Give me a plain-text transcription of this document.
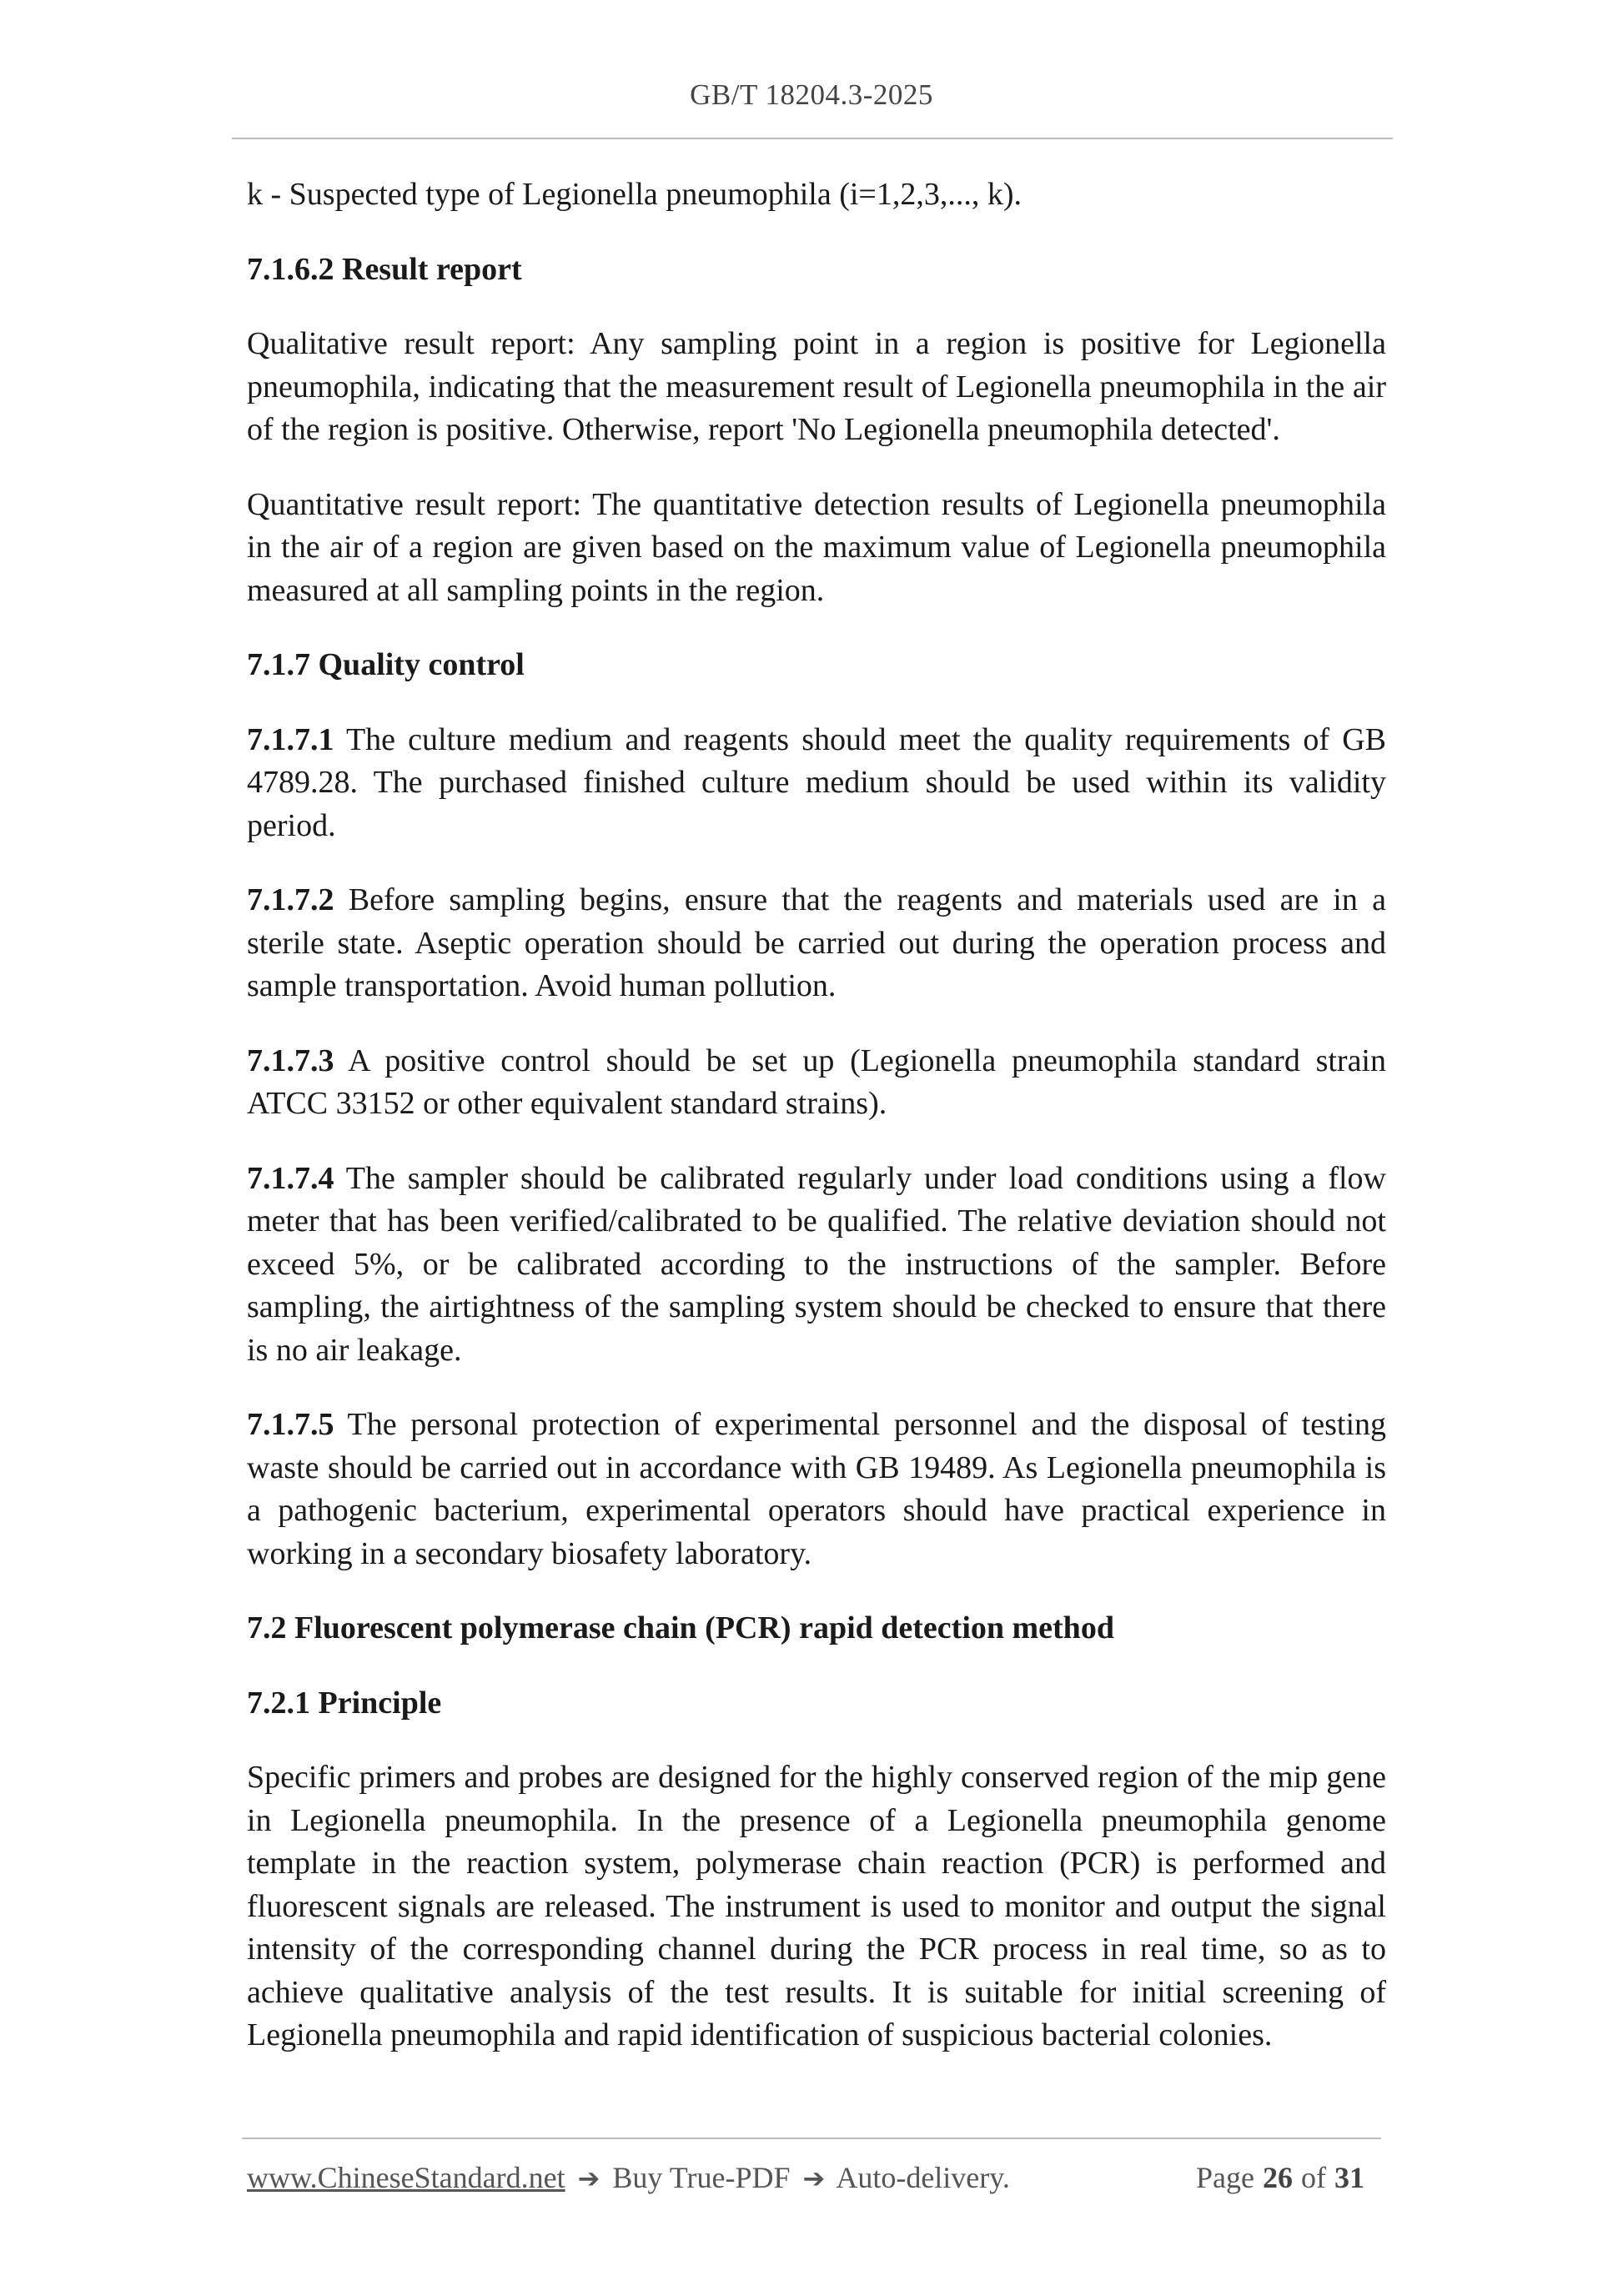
GB/T 18204.3-2025

k - Suspected type of Legionella pneumophila (i=1,2,3,..., k).

7.1.6.2 Result report

Qualitative result report: Any sampling point in a region is positive for Legionella pneumophila, indicating that the measurement result of Legionella pneumophila in the air of the region is positive. Otherwise, report 'No Legionella pneumophila detected'.

Quantitative result report: The quantitative detection results of Legionella pneumophila in the air of a region are given based on the maximum value of Legionella pneumophila measured at all sampling points in the region.

7.1.7 Quality control

7.1.7.1 The culture medium and reagents should meet the quality requirements of GB 4789.28. The purchased finished culture medium should be used within its validity period.

7.1.7.2 Before sampling begins, ensure that the reagents and materials used are in a sterile state. Aseptic operation should be carried out during the operation process and sample transportation. Avoid human pollution.

7.1.7.3 A positive control should be set up (Legionella pneumophila standard strain ATCC 33152 or other equivalent standard strains).

7.1.7.4 The sampler should be calibrated regularly under load conditions using a flow meter that has been verified/calibrated to be qualified. The relative deviation should not exceed 5%, or be calibrated according to the instructions of the sampler. Before sampling, the airtightness of the sampling system should be checked to ensure that there is no air leakage.

7.1.7.5 The personal protection of experimental personnel and the disposal of testing waste should be carried out in accordance with GB 19489. As Legionella pneumophila is a pathogenic bacterium, experimental operators should have practical experience in working in a secondary biosafety laboratory.

7.2 Fluorescent polymerase chain (PCR) rapid detection method

7.2.1 Principle

Specific primers and probes are designed for the highly conserved region of the mip gene in Legionella pneumophila. In the presence of a Legionella pneumophila genome template in the reaction system, polymerase chain reaction (PCR) is performed and fluorescent signals are released. The instrument is used to monitor and output the signal intensity of the corresponding channel during the PCR process in real time, so as to achieve qualitative analysis of the test results. It is suitable for initial screening of Legionella pneumophila and rapid identification of suspicious bacterial colonies.

www.ChineseStandard.net ➔ Buy True-PDF ➔ Auto-delivery.	Page 26 of 31
